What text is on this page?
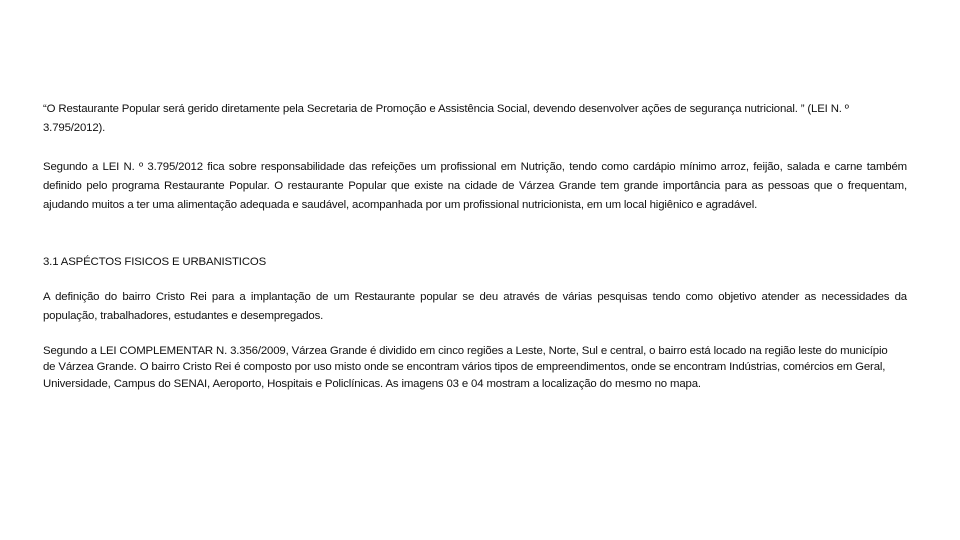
“O Restaurante Popular será gerido diretamente pela Secretaria de Promoção e Assistência Social, devendo desenvolver ações de segurança nutricional. ” (LEI N. º 3.795/2012).

Segundo a LEI N. º 3.795/2012 fica sobre responsabilidade das refeições um profissional em Nutrição, tendo como cardápio mínimo arroz, feijão, salada e carne também definido pelo programa Restaurante Popular. O restaurante Popular que existe na cidade de Várzea Grande tem grande importância para as pessoas que o frequentam, ajudando muitos a ter uma alimentação adequada e saudável, acompanhada por um profissional nutricionista, em um local higiênico e agradável.

3.1 ASPÉCTOS FISICOS E URBANISTICOS

A definição do bairro Cristo Rei para a implantação de um Restaurante popular se deu através de várias pesquisas tendo como objetivo atender as necessidades da população, trabalhadores, estudantes e desempregados.

Segundo a LEI COMPLEMENTAR N. 3.356/2009, Várzea Grande é dividido em cinco regiões a Leste, Norte, Sul e central, o bairro está locado na região leste do município de Várzea Grande. O bairro Cristo Rei é composto por uso misto onde se encontram vários tipos de empreendimentos, onde se encontram Indústrias, comércios em Geral, Universidade, Campus do SENAI, Aeroporto, Hospitais e Policlínicas. As imagens 03 e 04 mostram a localização do mesmo no mapa.
